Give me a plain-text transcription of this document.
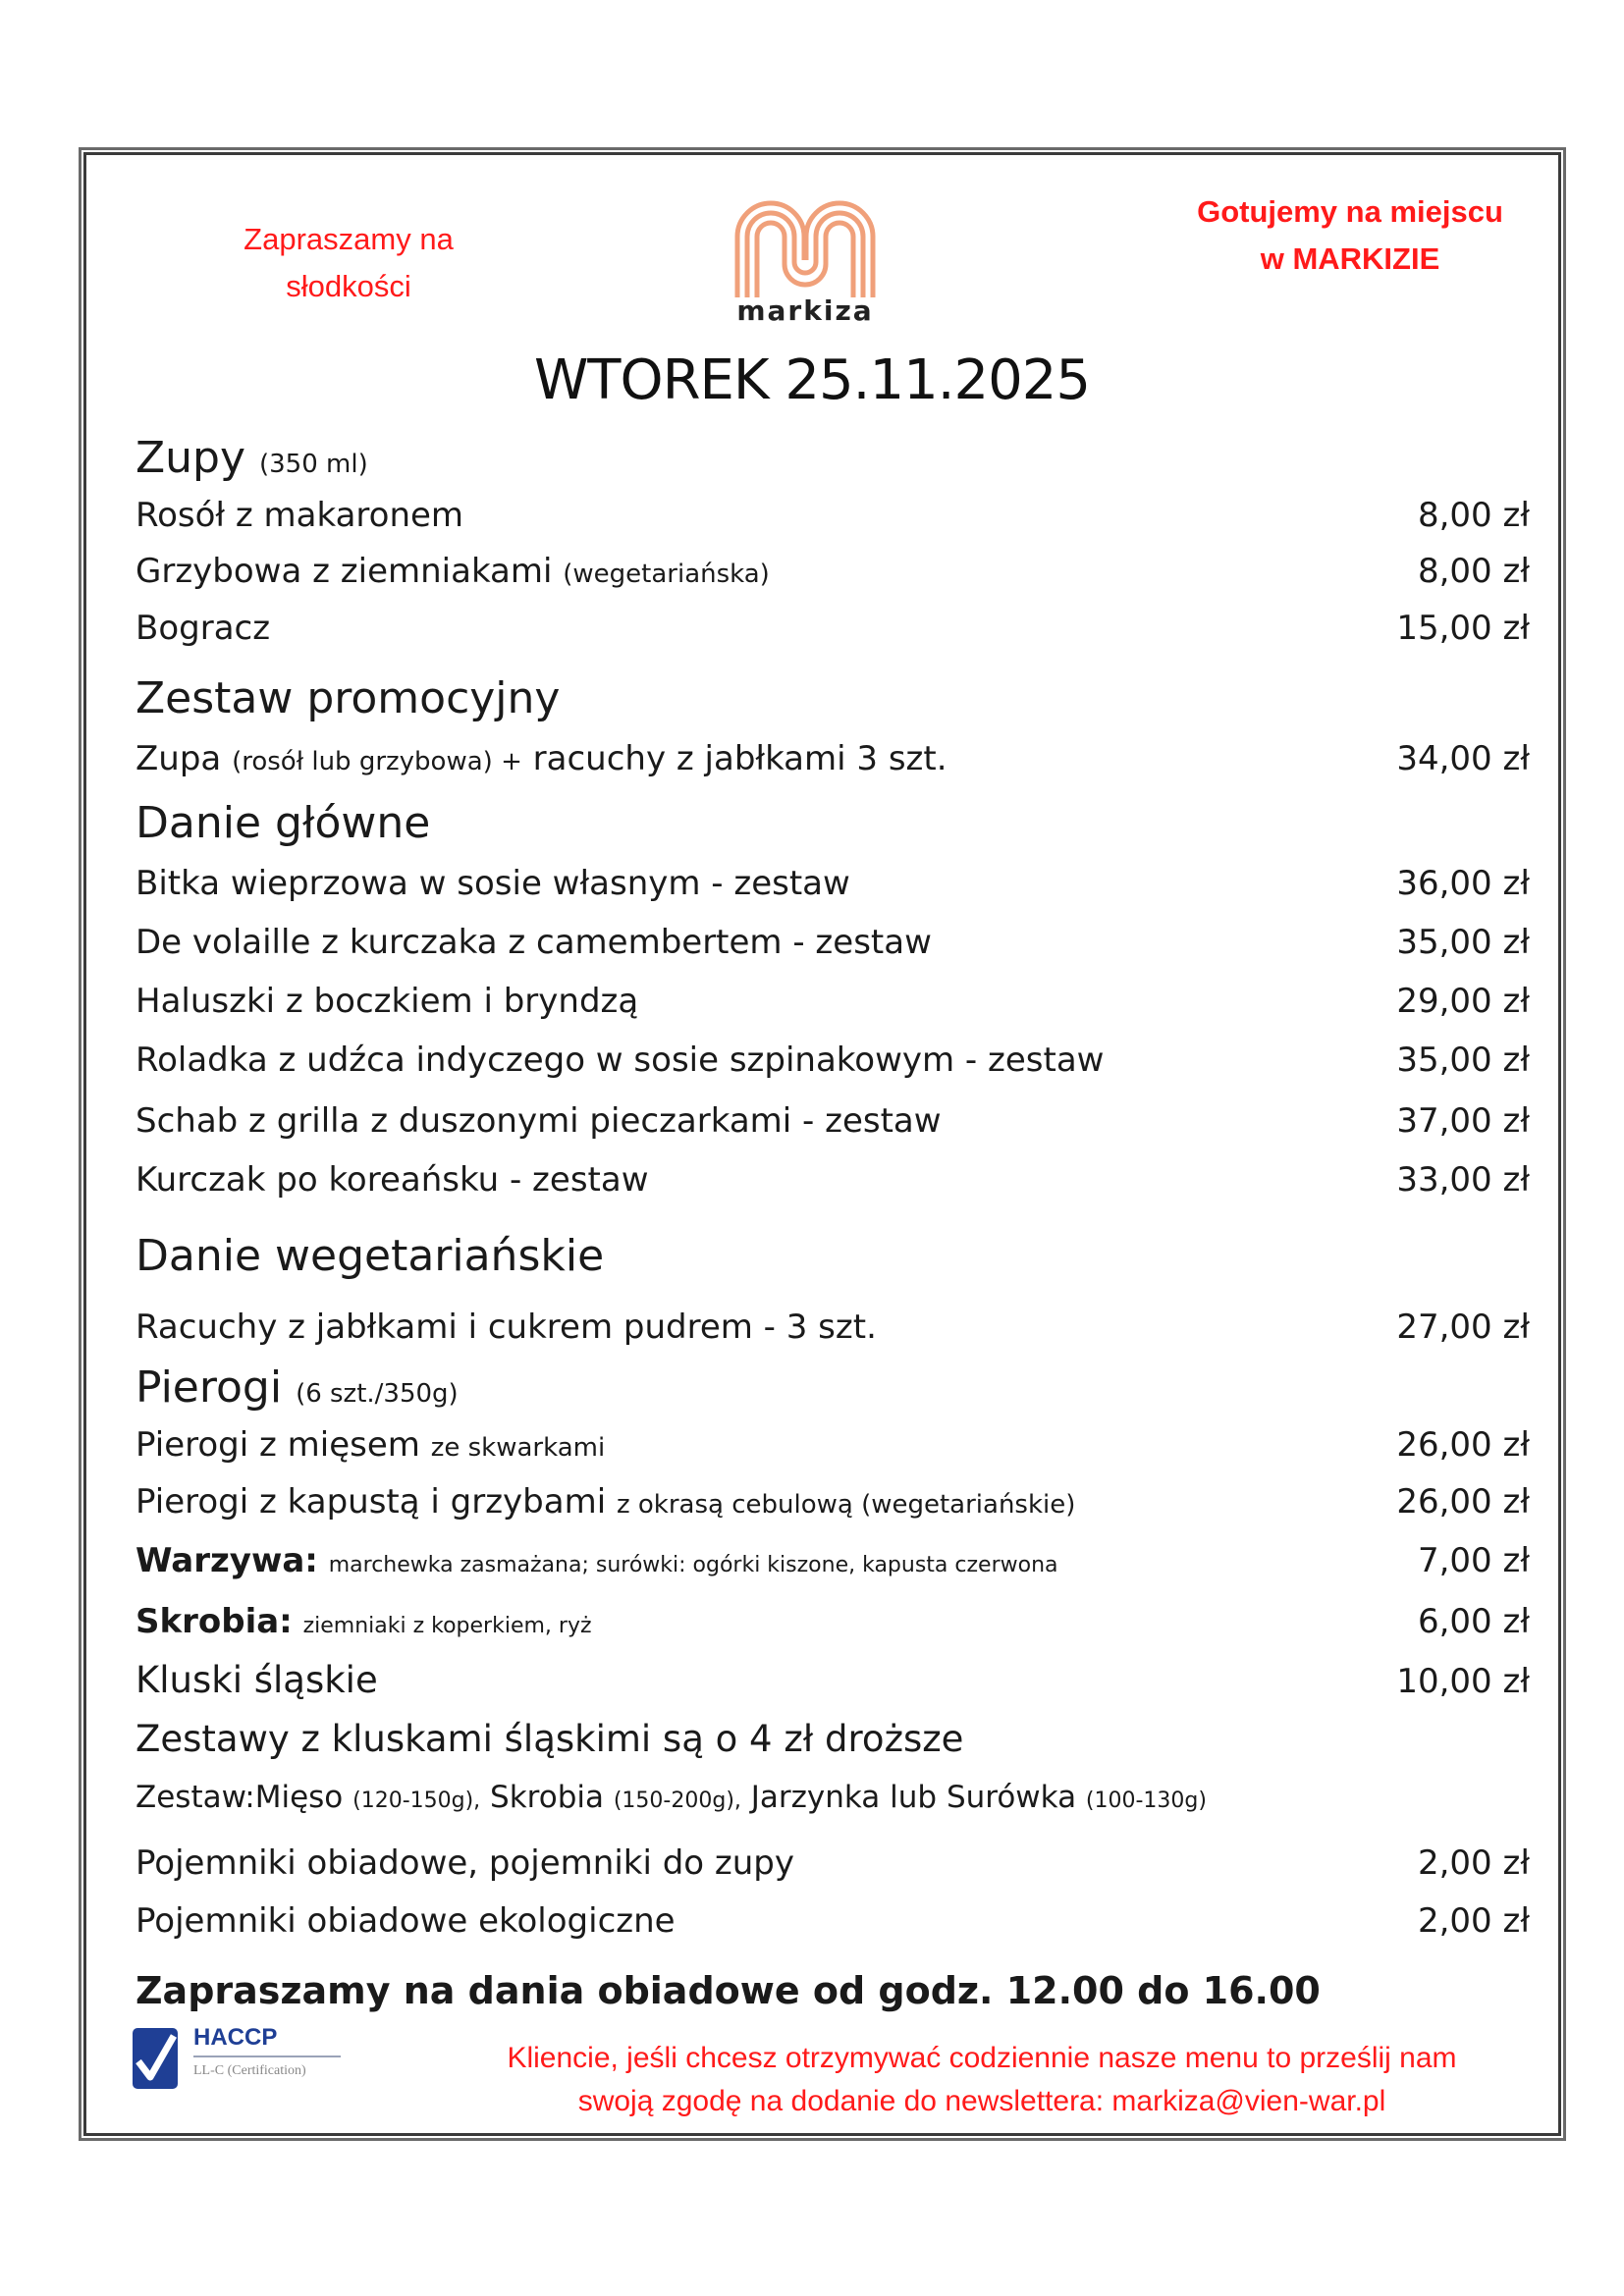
Zapraszamy na
słodkości
Gotujemy na miejscu
w MARKIZIE
markiza
WTOREK 25.11.2025
Zupy (350 ml)
Rosół z makaronem	8,00 zł
Grzybowa z ziemniakami (wegetariańska)	8,00 zł
Bogracz	15,00 zł
Zestaw promocyjny
Zupa (rosół lub grzybowa) + racuchy z jabłkami 3 szt.	34,00 zł
Danie główne
Bitka wieprzowa w sosie własnym - zestaw	36,00 zł
De volaille z kurczaka z camembertem - zestaw	35,00 zł
Haluszki z boczkiem i bryndzą	29,00 zł
Roladka z udźca indyczego w sosie szpinakowym - zestaw	35,00 zł
Schab z grilla z duszonymi pieczarkami - zestaw	37,00 zł
Kurczak po koreańsku - zestaw	33,00 zł
Danie wegetariańskie
Racuchy z jabłkami i cukrem pudrem - 3 szt.	27,00 zł
Pierogi (6 szt./350g)
Pierogi z mięsem ze skwarkami	26,00 zł
Pierogi z kapustą i grzybami z okrasą cebulową (wegetariańskie)	26,00 zł
Warzywa: marchewka zasmażana; surówki: ogórki kiszone, kapusta czerwona	7,00 zł
Skrobia: ziemniaki z koperkiem, ryż	6,00 zł
Kluski śląskie	10,00 zł
Zestawy z kluskami śląskimi są o 4 zł droższe
Zestaw:Mięso (120-150g), Skrobia (150-200g), Jarzynka lub Surówka (100-130g)
Pojemniki obiadowe, pojemniki do zupy	2,00 zł
Pojemniki obiadowe ekologiczne	2,00 zł
Zapraszamy na dania obiadowe od godz. 12.00 do 16.00
HACCP
LL-C (Certification)	Kliencie, jeśli chcesz otrzymywać codziennie nasze menu to prześlij nam
swoją zgodę na dodanie do newslettera: markiza@vien-war.pl
